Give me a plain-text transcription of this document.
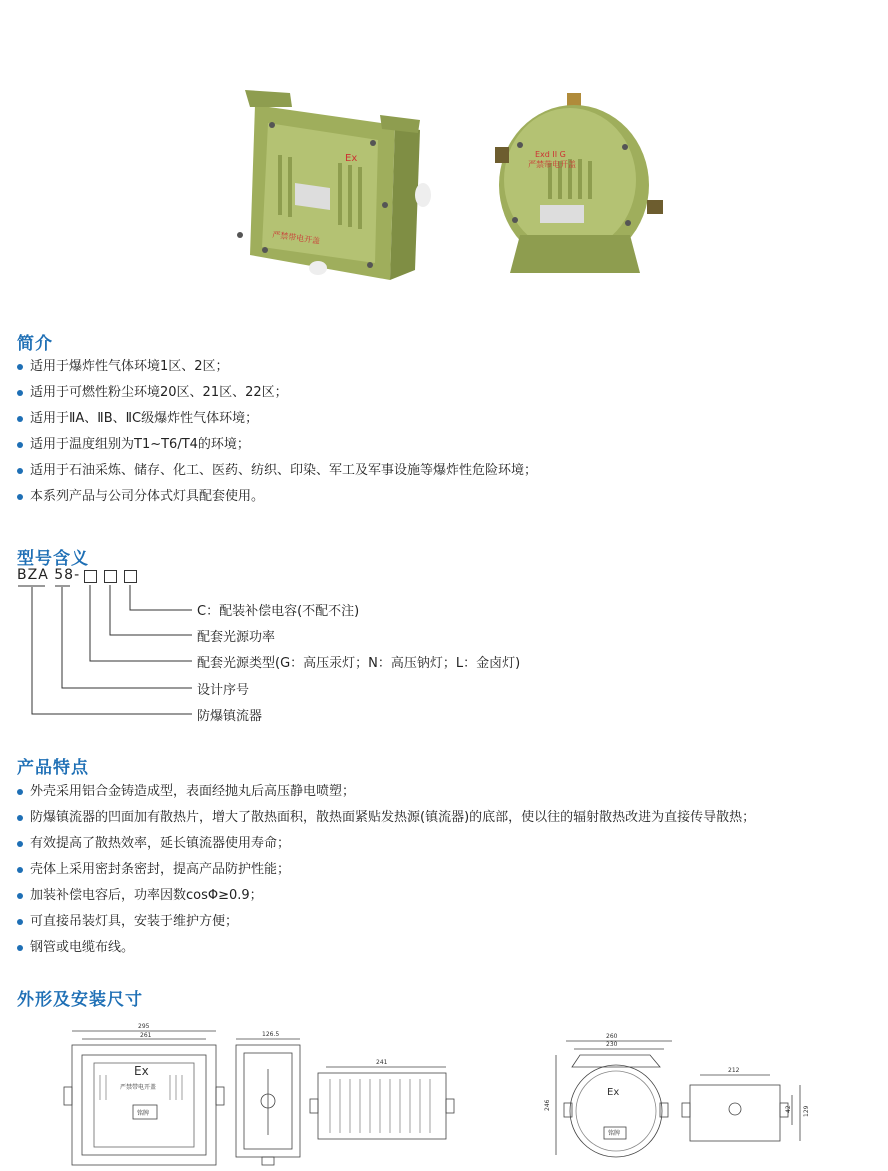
Ex
严禁带电开盖
Exd II G
严禁带电开盖
简介
适用于爆炸性气体环境1区、2区；
适用于可燃性粉尘环境20区、21区、22区；
适用于ⅡA、ⅡB、ⅡC级爆炸性气体环境；
适用于温度组别为T1~T6/T4的环境；
适用于石油采炼、储存、化工、医药、纺织、印染、军工及军事设施等爆炸性危险环境；
本系列产品与公司分体式灯具配套使用。
型号含义
BZA 58-
C：配装补偿电容(不配不注)
配套光源功率
配套光源类型(G：高压汞灯；N：高压钠灯；L：金卤灯)
设计序号
防爆镇流器
产品特点
外壳采用铝合金铸造成型，表面经抛丸后高压静电喷塑；
防爆镇流器的凹面加有散热片，增大了散热面积，散热面紧贴发热源(镇流器)的底部，使以往的辐射散热改进为直接传导散热；
有效提高了散热效率，延长镇流器使用寿命；
壳体上采用密封条密封，提高产品防护性能；
加装补偿电容后，功率因数cosΦ≥0.9；
可直接吊装灯具，安装于维护方便；
钢管或电缆布线。
外形及安装尺寸
295
261	126.5
241
260
230
246
212
42 129
Ex
严禁带电开盖
铭牌
Ex
铭牌
